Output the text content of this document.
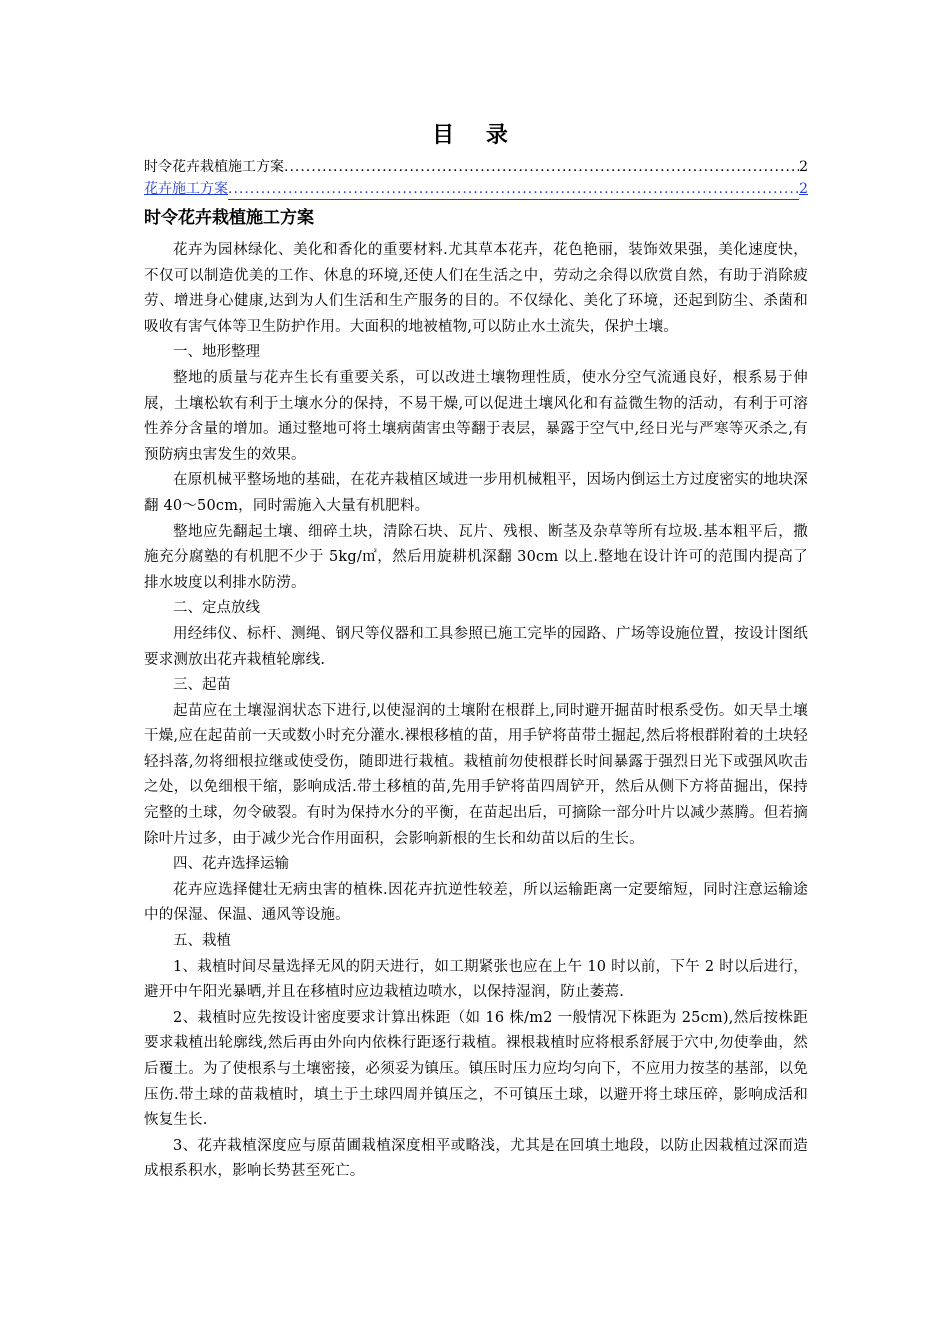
目 录
时令花卉栽植施工方案 .....	2
花卉施工方案 .....	2
时令花卉栽植施工方案

花卉为园林绿化、美化和香化的重要材料.尤其草本花卉，花色艳丽，装饰效果强，美化速度快，不仅可以制造优美的工作、休息的环境,还使人们在生活之中，劳动之余得以欣赏自然，有助于消除疲劳、增进身心健康,达到为人们生活和生产服务的目的。不仅绿化、美化了环境，还起到防尘、杀菌和吸收有害气体等卫生防护作用。大面积的地被植物,可以防止水土流失，保护土壤。

一、地形整理

整地的质量与花卉生长有重要关系，可以改进土壤物理性质，使水分空气流通良好，根系易于伸展，土壤松软有利于土壤水分的保持，不易干燥,可以促进土壤风化和有益微生物的活动，有利于可溶性养分含量的增加。通过整地可将土壤病菌害虫等翻于表层，暴露于空气中,经日光与严寒等灭杀之,有预防病虫害发生的效果。

在原机械平整场地的基础，在花卉栽植区域进一步用机械粗平，因场内倒运土方过度密实的地块深翻 40～50cm，同时需施入大量有机肥料。

整地应先翻起土壤、细碎土块，清除石块、瓦片、残根、断茎及杂草等所有垃圾.基本粗平后，撒施充分腐塾的有机肥不少于 5kg/㎡，然后用旋耕机深翻 30cm 以上.整地在设计许可的范围内提高了排水坡度以利排水防涝。

二、定点放线

用经纬仪、标杆、测绳、钢尺等仪器和工具参照已施工完毕的园路、广场等设施位置，按设计图纸要求测放出花卉栽植轮廓线.

三、起苗

起苗应在土壤湿润状态下进行,以使湿润的土壤附在根群上,同时避开掘苗时根系受伤。如天旱土壤干燥,应在起苗前一天或数小时充分灌水.裸根移植的苗，用手铲将苗带土掘起,然后将根群附着的土块轻轻抖落,勿将细根拉继或使受伤，随即进行栽植。栽植前勿使根群长时间暴露于强烈日光下或强风吹击之处，以免细根干缩，影响成活.带土移植的苗,先用手铲将苗四周铲开，然后从侧下方将苗掘出，保持完整的土球，勿令破裂。有时为保持水分的平衡，在苗起出后，可摘除一部分叶片以减少蒸腾。但若摘除叶片过多，由于减少光合作用面积，会影响新根的生长和幼苗以后的生长。

四、花卉选择运输

花卉应选择健壮无病虫害的植株.因花卉抗逆性较差，所以运输距离一定要缩短，同时注意运输途中的保湿、保温、通风等设施。

五、栽植

1、栽植时间尽量选择无风的阴天进行，如工期紧张也应在上午 10 时以前，下午 2 时以后进行，避开中午阳光暴晒,并且在移植时应边栽植边喷水，以保持湿润，防止萎蔫.

2、栽植时应先按设计密度要求计算出株距（如 16 株/m2 一般情况下株距为 25cm),然后按株距要求栽植出轮廓线,然后再由外向内依株行距逐行栽植。裸根栽植时应将根系舒展于穴中,勿使拳曲，然后覆土。为了使根系与土壤密接，必须妥为镇压。镇压时压力应均匀向下，不应用力按茎的基部，以免压伤.带土球的苗栽植时，填土于土球四周并镇压之，不可镇压土球，以避开将土球压碎，影响成活和恢复生长.

3、花卉栽植深度应与原苗圃栽植深度相平或略浅，尤其是在回填土地段，以防止因栽植过深而造成根系积水，影响长势甚至死亡。
